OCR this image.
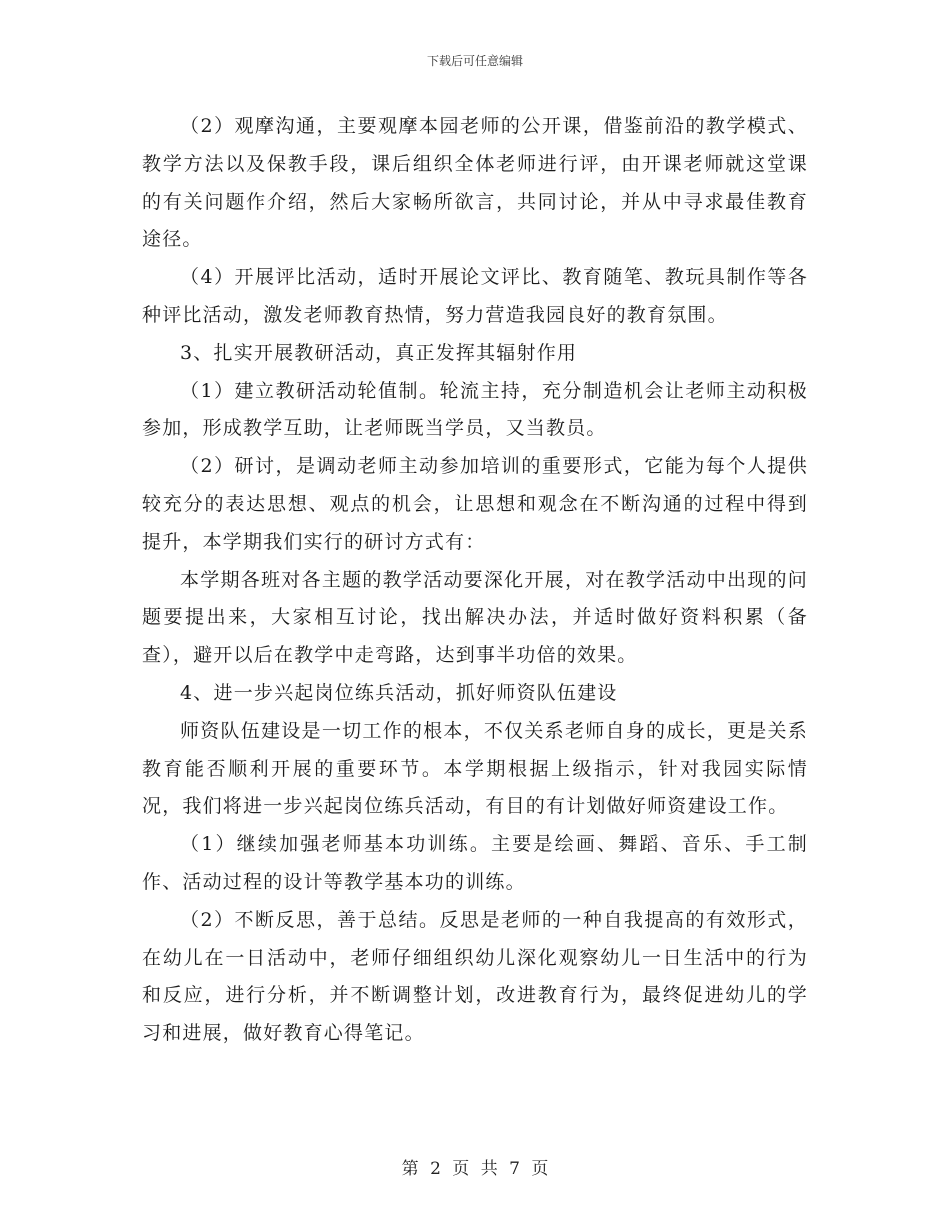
下载后可任意编辑

（2）观摩沟通，主要观摩本园老师的公开课，借鉴前沿的教学模式、教学方法以及保教手段，课后组织全体老师进行评，由开课老师就这堂课的有关问题作介绍，然后大家畅所欲言，共同讨论，并从中寻求最佳教育途径。

（4）开展评比活动，适时开展论文评比、教育随笔、教玩具制作等各种评比活动，激发老师教育热情，努力营造我园良好的教育氛围。

3、扎实开展教研活动，真正发挥其辐射作用

（1）建立教研活动轮值制。轮流主持，充分制造机会让老师主动积极参加，形成教学互助，让老师既当学员，又当教员。

（2）研讨，是调动老师主动参加培训的重要形式，它能为每个人提供较充分的表达思想、观点的机会，让思想和观念在不断沟通的过程中得到提升，本学期我们实行的研讨方式有：

本学期各班对各主题的教学活动要深化开展，对在教学活动中出现的问题要提出来，大家相互讨论，找出解决办法，并适时做好资料积累（备查），避开以后在教学中走弯路，达到事半功倍的效果。

4、进一步兴起岗位练兵活动，抓好师资队伍建设

师资队伍建设是一切工作的根本，不仅关系老师自身的成长，更是关系教育能否顺利开展的重要环节。本学期根据上级指示，针对我园实际情况，我们将进一步兴起岗位练兵活动，有目的有计划做好师资建设工作。

（1）继续加强老师基本功训练。主要是绘画、舞蹈、音乐、手工制作、活动过程的设计等教学基本功的训练。

（2）不断反思，善于总结。反思是老师的一种自我提高的有效形式，在幼儿在一日活动中，老师仔细组织幼儿深化观察幼儿一日生活中的行为和反应，进行分析，并不断调整计划，改进教育行为，最终促进幼儿的学习和进展，做好教育心得笔记。

第 2 页 共 7 页
